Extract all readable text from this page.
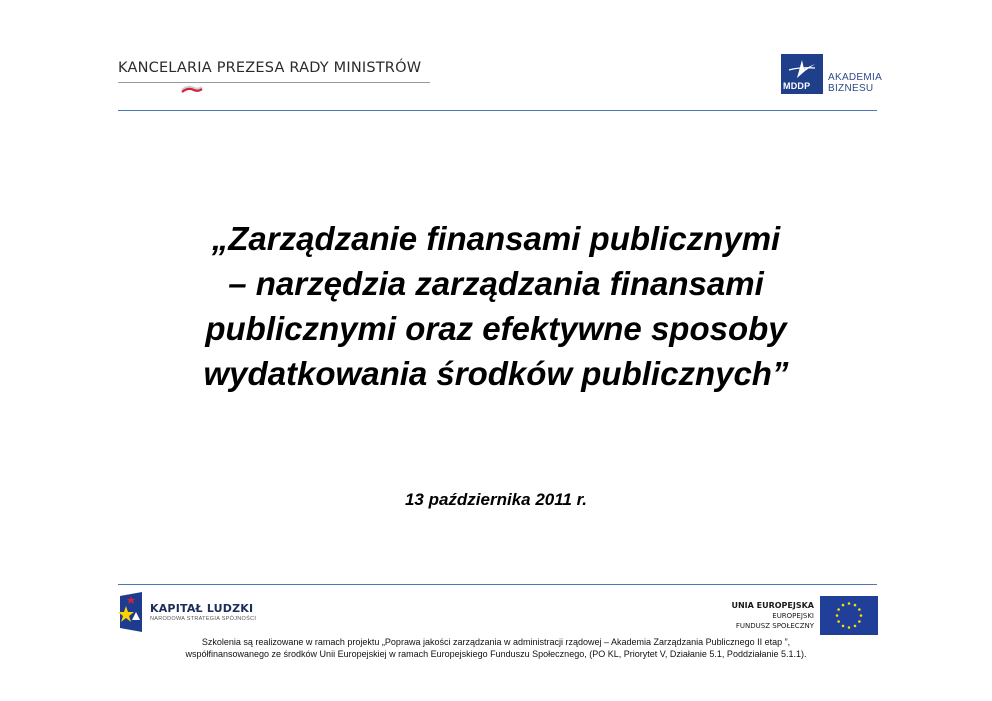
KANCELARIA PREZESA RADY MINISTRÓW
MDDP
AKADEMIA
BIZNESU
„Zarządzanie finansami publicznymi
– narzędzia zarządzania finansami
publicznymi oraz efektywne sposoby
wydatkowania środków publicznych”
13 października 2011 r.
KAPITAŁ LUDZKI
NARODOWA STRATEGIA SPÓJNOŚCI
UNIA EUROPEJSKA
EUROPEJSKI
FUNDUSZ SPOŁECZNY
Szkolenia są realizowane w ramach projektu „Poprawa jakości zarządzania w administracji rządowej – Akademia Zarządzania Publicznego II etap ”,
współfinansowanego ze środków Unii Europejskiej w ramach Europejskiego Funduszu Społecznego, (PO KL, Priorytet V, Działanie 5.1, Poddziałanie 5.1.1).
